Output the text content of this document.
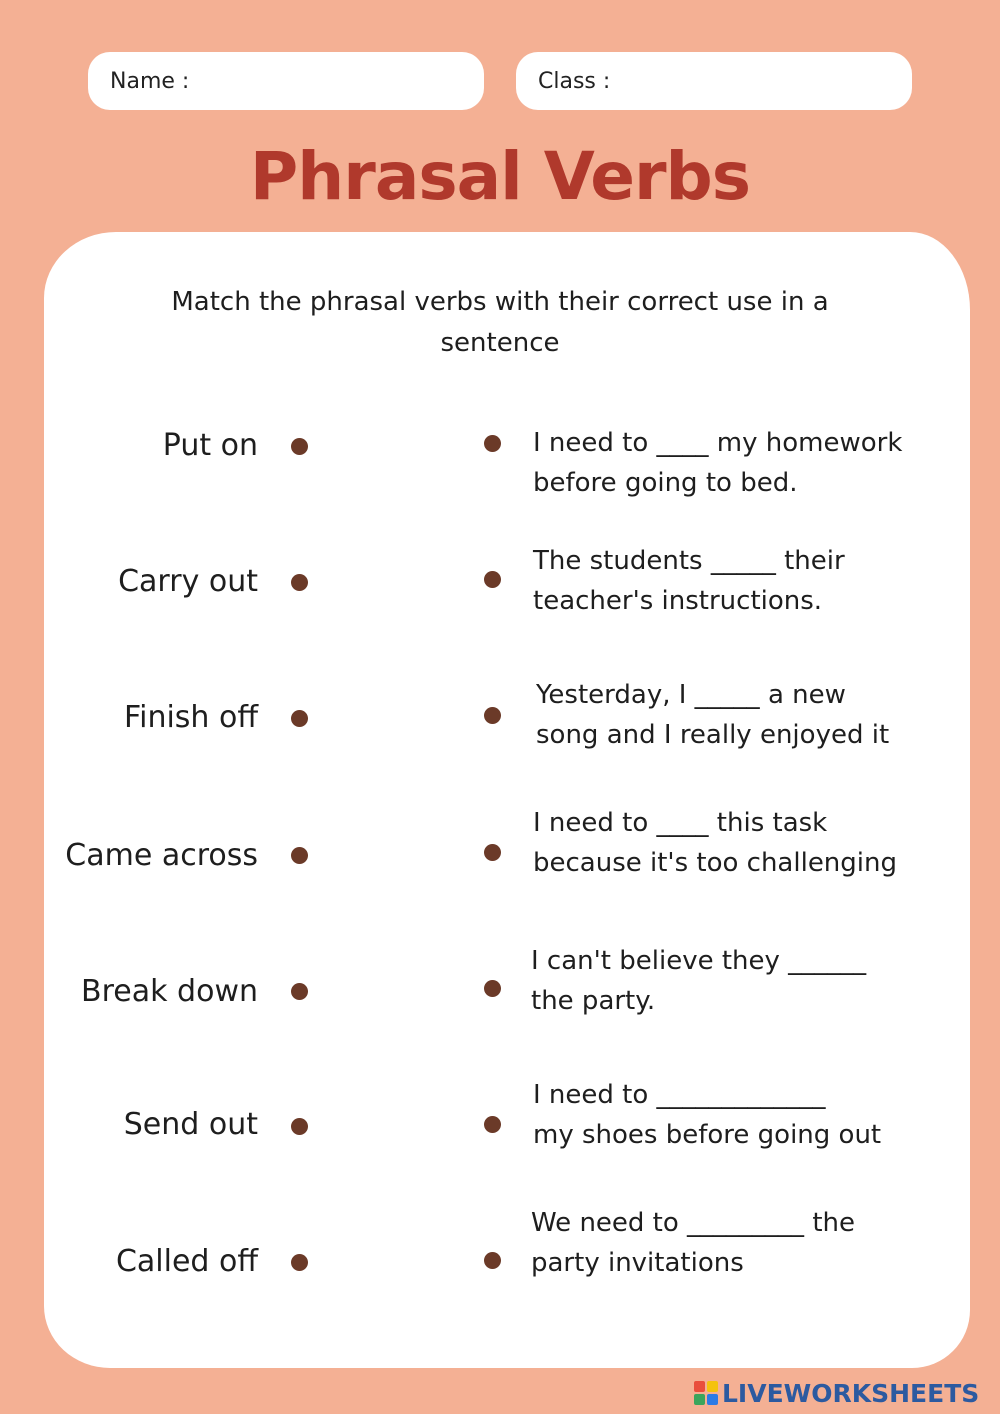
Name :	Class :
Phrasal Verbs
Match the phrasal verbs with their correct use in a sentence
Put on	I need to ____ my homework
before going to bed.
Carry out
The students _____ their
teacher's instructions.
Finish off
Yesterday, I _____ a new
song and I really enjoyed it
Came across
I need to ____ this task
because it's too challenging
Break down
I can't believe they ______
the party.
Send out
I need to _____________
my shoes before going out
Called off
We need to _________ the
party invitations
LIVEWORKSHEETS
